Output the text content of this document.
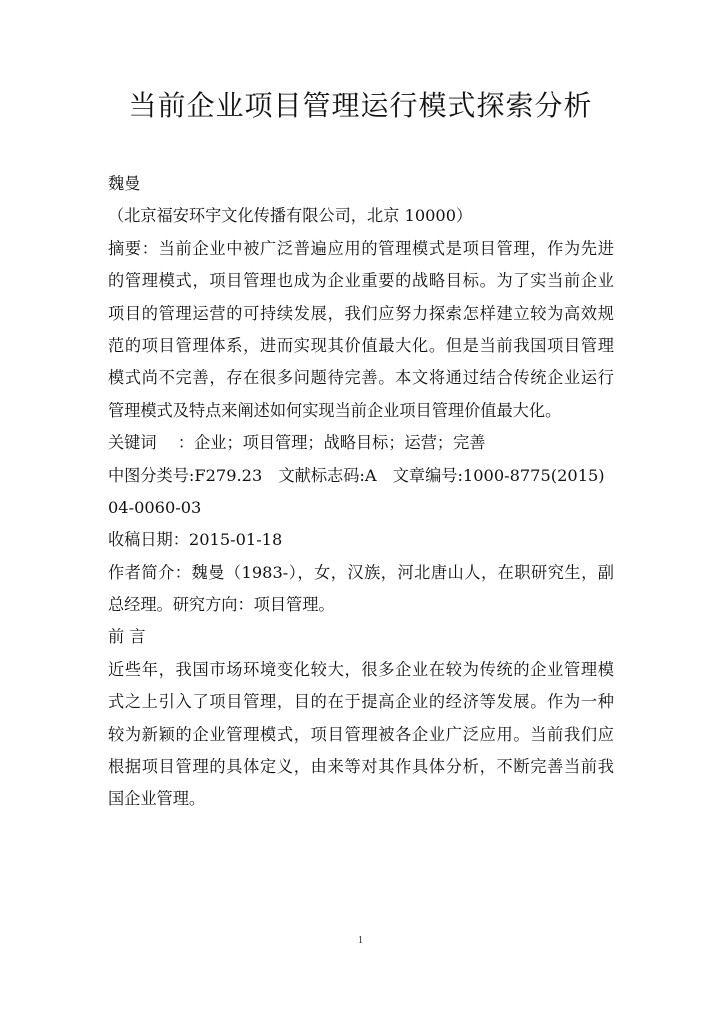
当前企业项目管理运行模式探索分析
魏曼
（北京福安环宇文化传播有限公司，北京 10000）
摘要：当前企业中被广泛普遍应用的管理模式是项目管理，作为先进
的管理模式，项目管理也成为企业重要的战略目标。为了实当前企业
项目的管理运营的可持续发展，我们应努力探索怎样建立较为高效规
范的项目管理体系，进而实现其价值最大化。但是当前我国项目管理
模式尚不完善，存在很多问题待完善。本文将通过结合传统企业运行
管理模式及特点来阐述如何实现当前企业项目管理价值最大化。
关键词　 ：企业；项目管理；战略目标；运营；完善
中图分类号:F279.23　文献标志码:A　文章编号:1000-8775(2015)
04-0060-03
收稿日期：2015-01-18
作者简介：魏曼（1983-），女，汉族，河北唐山人，在职研究生，副
总经理。研究方向：项目管理。
前 言
近些年，我国市场环境变化较大，很多企业在较为传统的企业管理模
式之上引入了项目管理，目的在于提高企业的经济等发展。作为一种
较为新颖的企业管理模式，项目管理被各企业广泛应用。当前我们应
根据项目管理的具体定义，由来等对其作具体分析，不断完善当前我
国企业管理。
1
